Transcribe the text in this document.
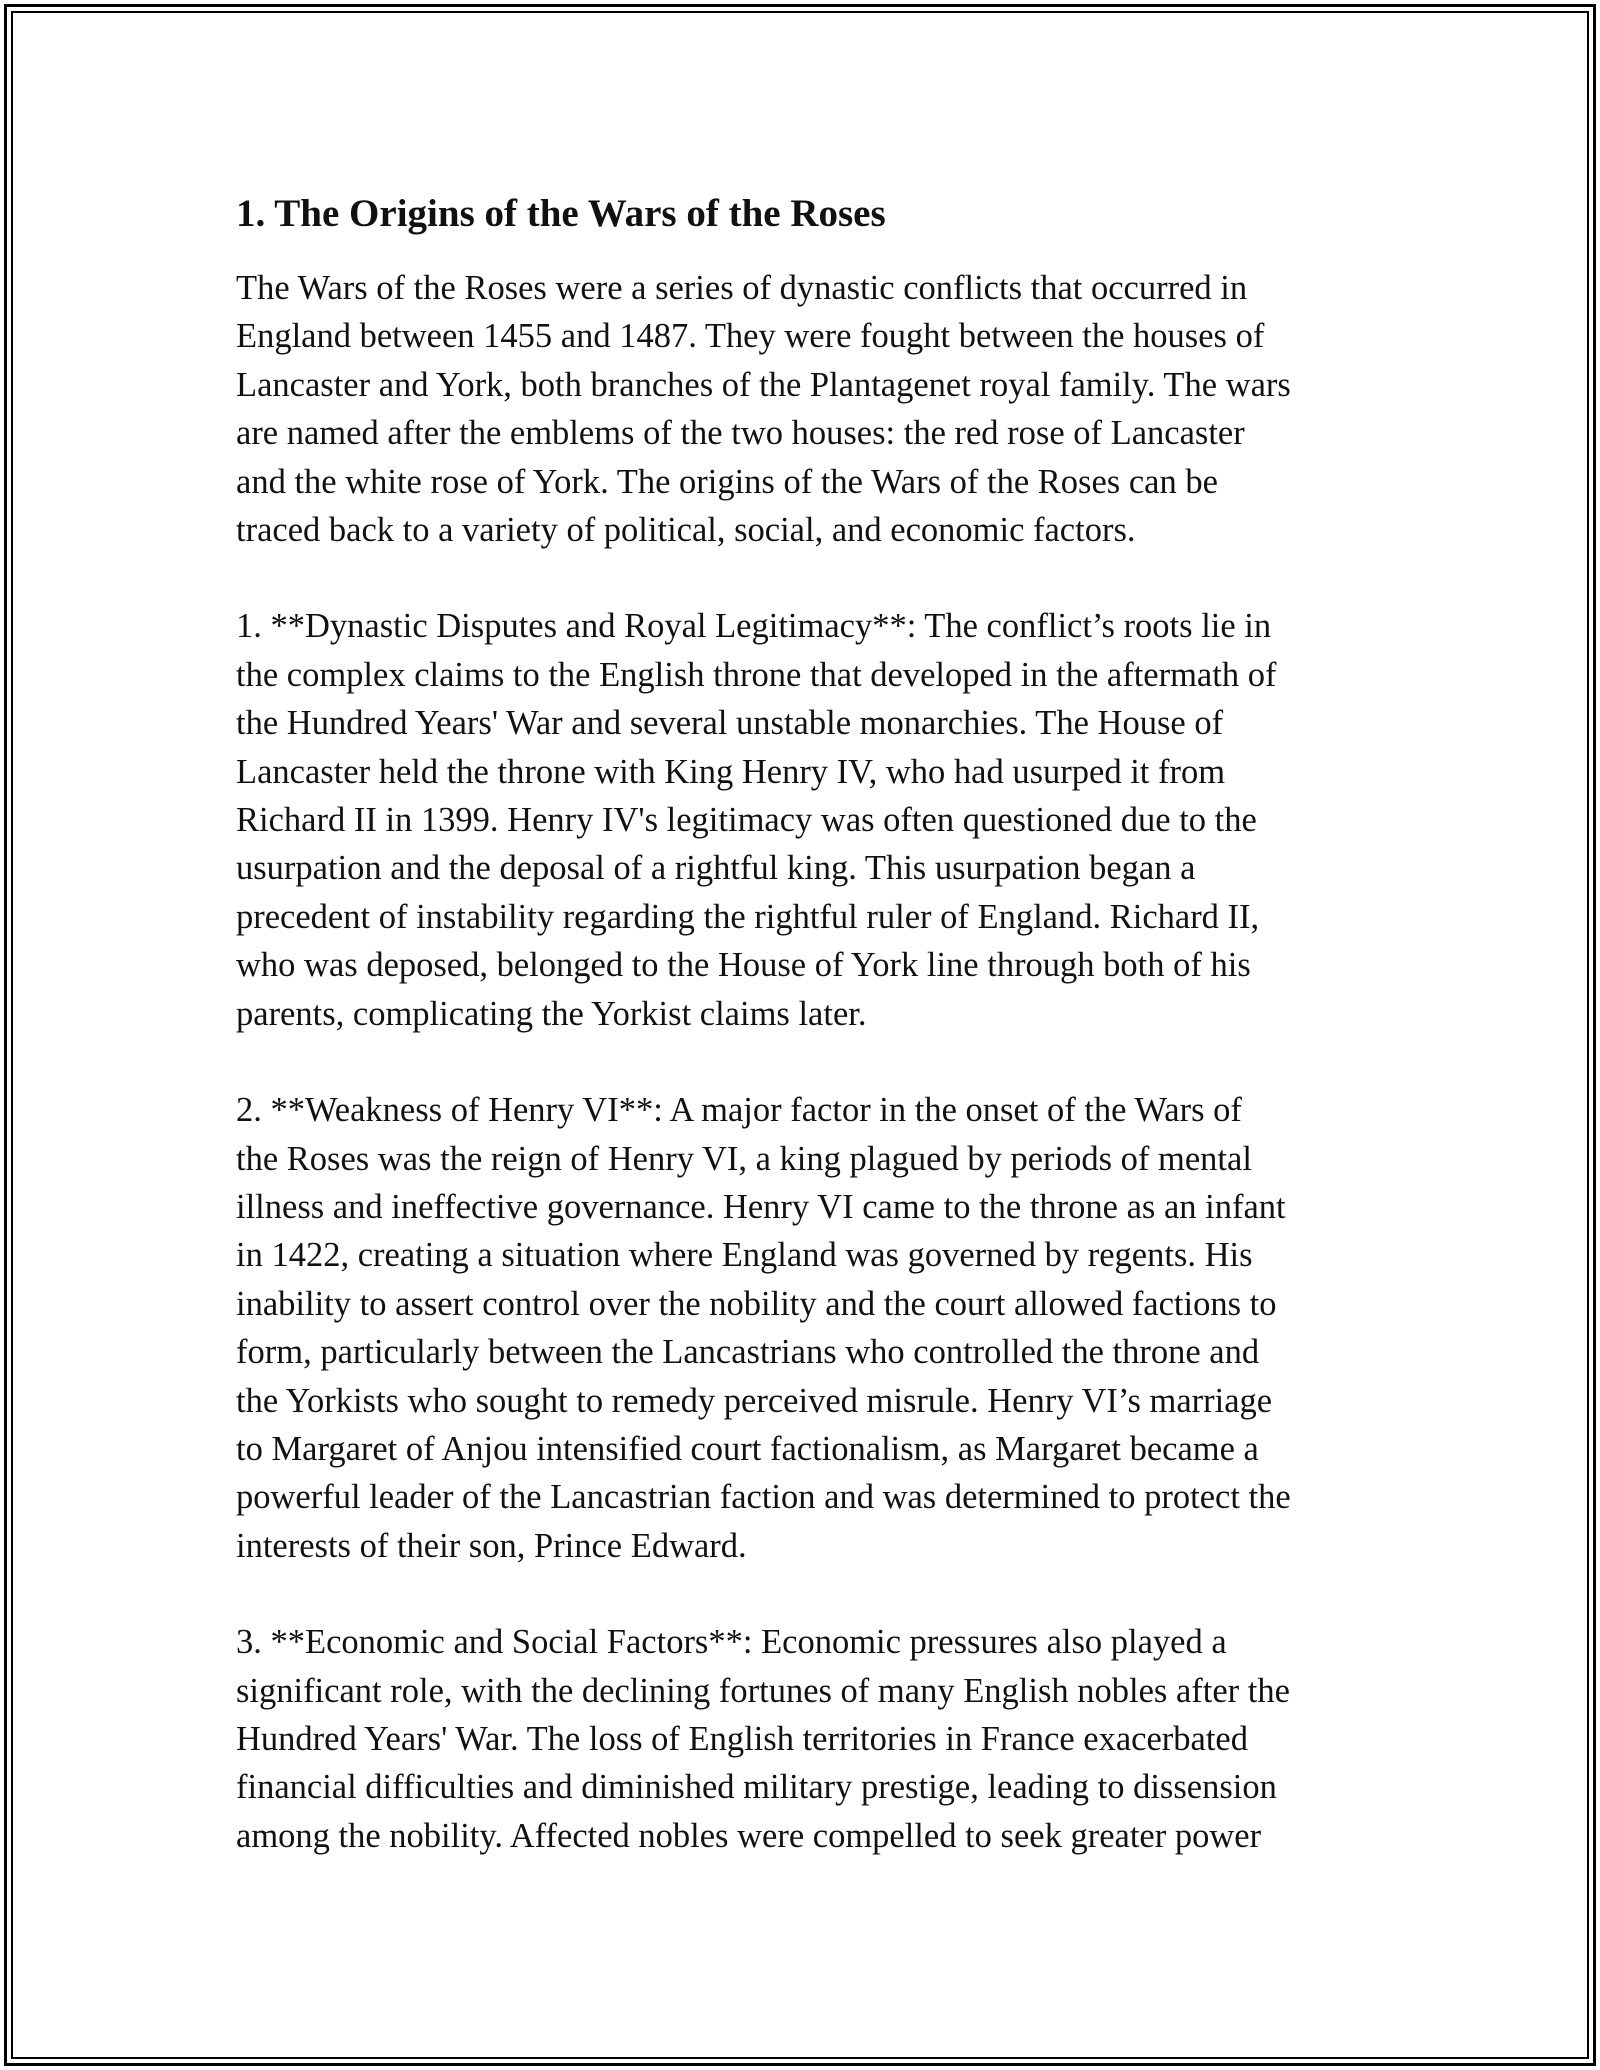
1. The Origins of the Wars of the Roses

The Wars of the Roses were a series of dynastic conflicts that occurred in
England between 1455 and 1487. They were fought between the houses of
Lancaster and York, both branches of the Plantagenet royal family. The wars
are named after the emblems of the two houses: the red rose of Lancaster
and the white rose of York. The origins of the Wars of the Roses can be
traced back to a variety of political, social, and economic factors.

1. **Dynastic Disputes and Royal Legitimacy**: The conflict’s roots lie in
the complex claims to the English throne that developed in the aftermath of
the Hundred Years' War and several unstable monarchies. The House of
Lancaster held the throne with King Henry IV, who had usurped it from
Richard II in 1399. Henry IV's legitimacy was often questioned due to the
usurpation and the deposal of a rightful king. This usurpation began a
precedent of instability regarding the rightful ruler of England. Richard II,
who was deposed, belonged to the House of York line through both of his
parents, complicating the Yorkist claims later.

2. **Weakness of Henry VI**: A major factor in the onset of the Wars of
the Roses was the reign of Henry VI, a king plagued by periods of mental
illness and ineffective governance. Henry VI came to the throne as an infant
in 1422, creating a situation where England was governed by regents. His
inability to assert control over the nobility and the court allowed factions to
form, particularly between the Lancastrians who controlled the throne and
the Yorkists who sought to remedy perceived misrule. Henry VI’s marriage
to Margaret of Anjou intensified court factionalism, as Margaret became a
powerful leader of the Lancastrian faction and was determined to protect the
interests of their son, Prince Edward.

3. **Economic and Social Factors**: Economic pressures also played a
significant role, with the declining fortunes of many English nobles after the
Hundred Years' War. The loss of English territories in France exacerbated
financial difficulties and diminished military prestige, leading to dissension
among the nobility. Affected nobles were compelled to seek greater power
